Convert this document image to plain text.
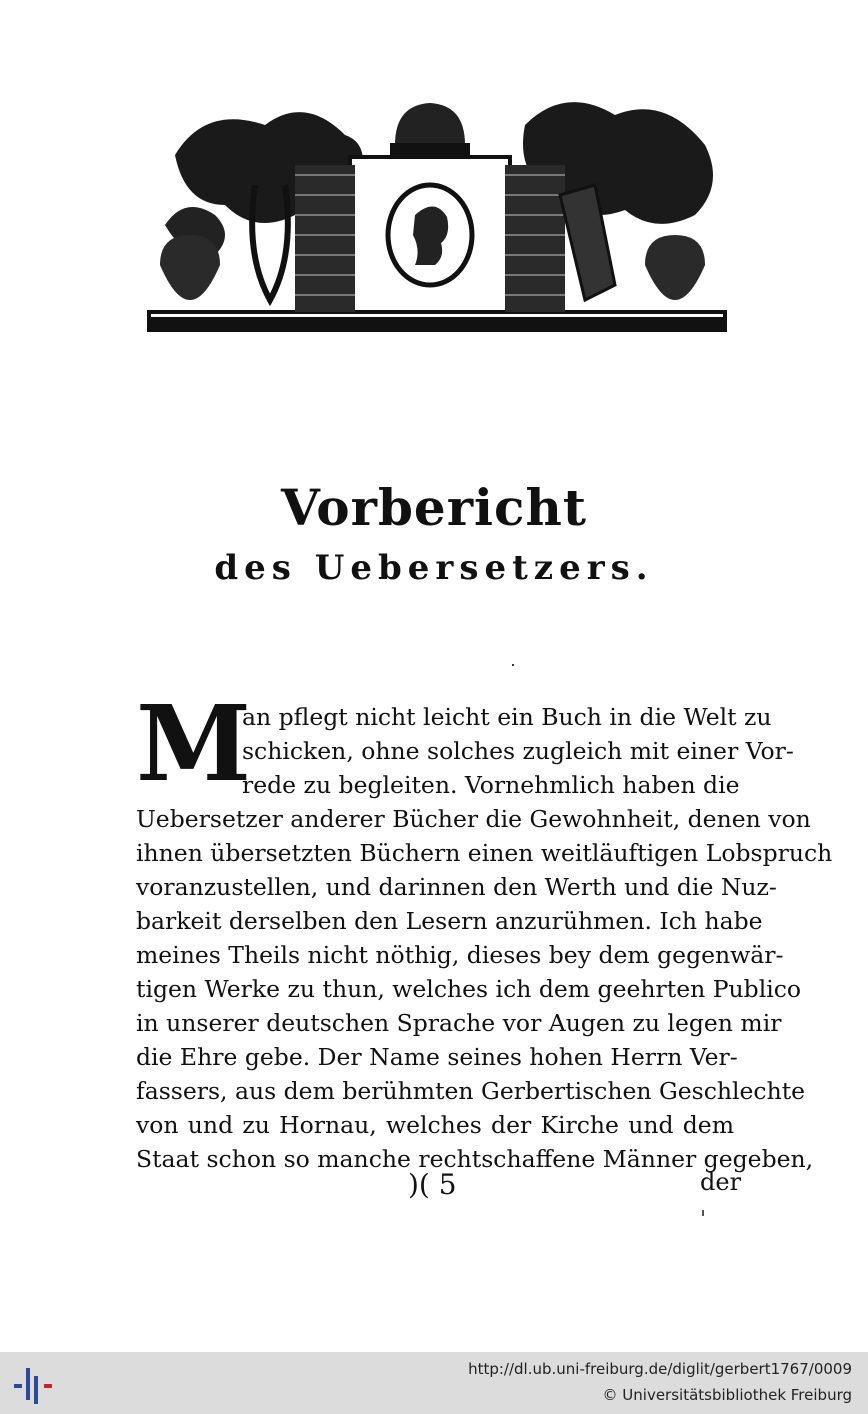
Vorbericht
des Uebersetzers.
M
an pflegt nicht leicht ein Buch in die Welt zu
schicken, ohne solches zugleich mit einer Vor-
rede zu begleiten. Vornehmlich haben die
Uebersetzer anderer Bücher die Gewohnheit, denen von
ihnen übersetzten Büchern einen weitläuftigen Lobspruch
voranzustellen, und darinnen den Werth und die Nuz-
barkeit derselben den Lesern anzurühmen. Ich habe
meines Theils nicht nöthig, dieses bey dem gegenwär-
tigen Werke zu thun, welches ich dem geehrten Publico
in unserer deutschen Sprache vor Augen zu legen mir
die Ehre gebe. Der Name seines hohen Herrn Ver-
fassers, aus dem berühmten Gerbertischen Geschlechte
von und zu Hornau, welches der Kirche und dem
Staat schon so manche rechtschaffene Männer gegeben,
)( 5	der
http://dl.ub.uni-freiburg.de/diglit/gerbert1767/0009
© Universitätsbibliothek Freiburg
